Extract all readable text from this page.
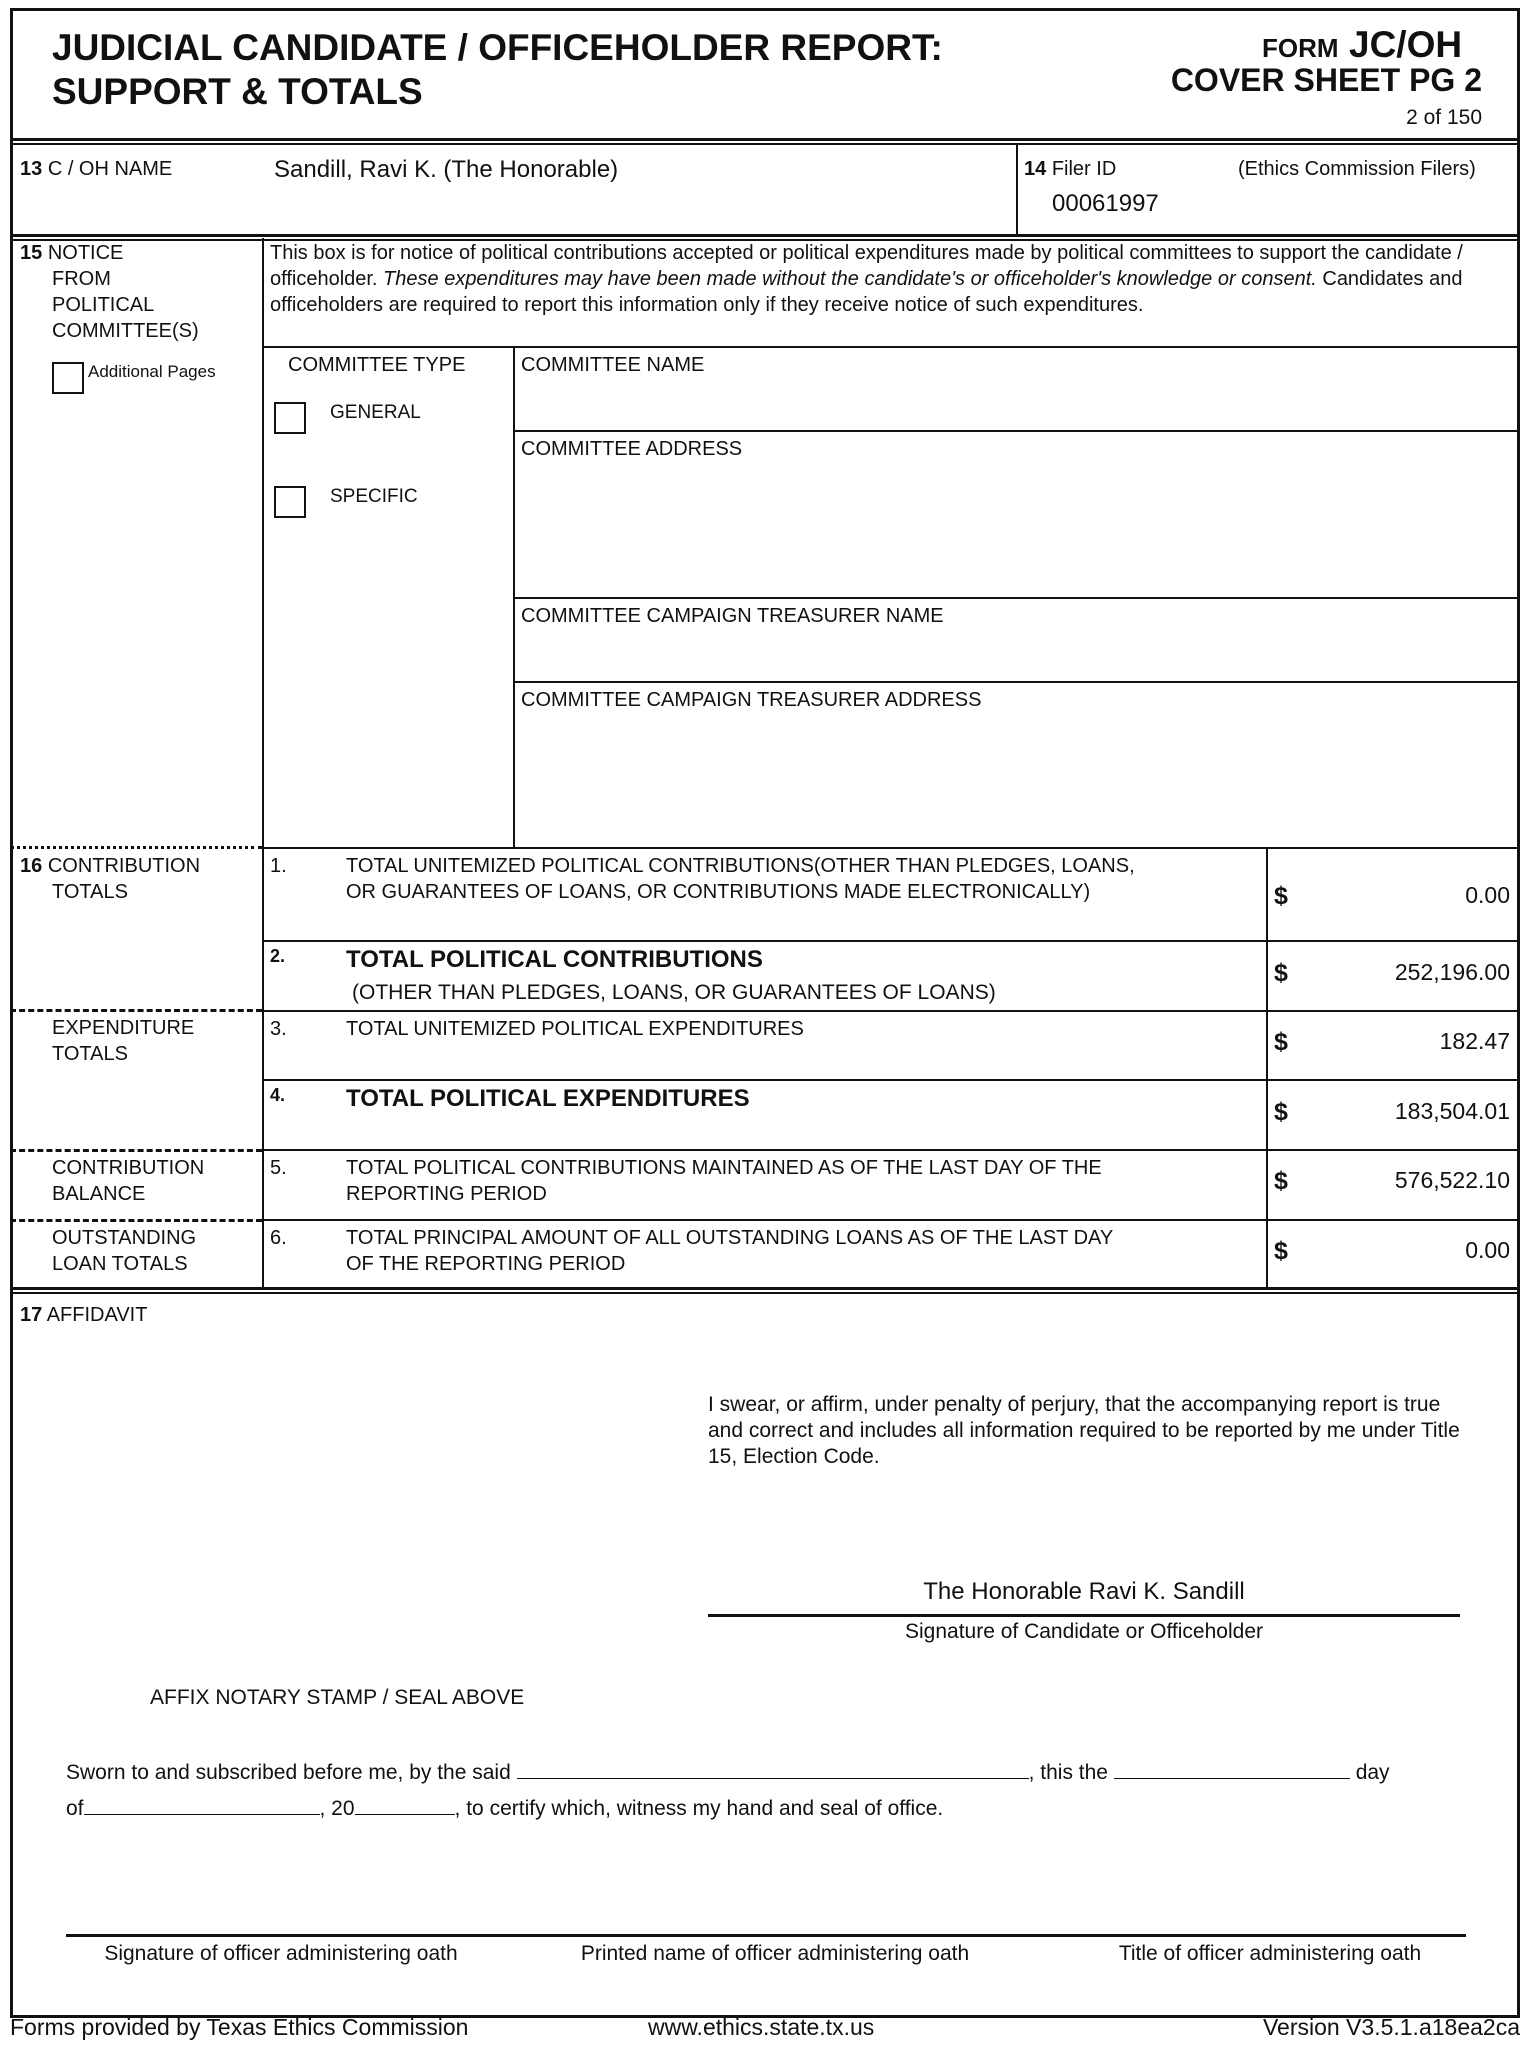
JUDICIAL CANDIDATE / OFFICEHOLDER REPORT:
SUPPORT & TOTALS
FORM JC/OH
COVER SHEET PG 2
2 of 150
13 C / OH NAME	Sandill, Ravi K. (The Honorable)	14 Filer ID	(Ethics Commission Filers)
00061997
15 NOTICE
FROM
POLITICAL
COMMITTEE(S)
Additional Pages
This box is for notice of political contributions accepted or political expenditures made by political committees to support the candidate / officeholder. These expenditures may have been made without the candidate's or officeholder's knowledge or consent. Candidates and officeholders are required to report this information only if they receive notice of such expenditures.
COMMITTEE TYPE
GENERAL
SPECIFIC
COMMITTEE NAME
COMMITTEE ADDRESS
COMMITTEE CAMPAIGN TREASURER NAME
COMMITTEE CAMPAIGN TREASURER ADDRESS
16 CONTRIBUTION
TOTALS
EXPENDITURE
TOTALS
CONTRIBUTION
BALANCE
OUTSTANDING
LOAN TOTALS
1.	TOTAL UNITEMIZED POLITICAL CONTRIBUTIONS(OTHER THAN PLEDGES, LOANS,
OR GUARANTEES OF LOANS, OR CONTRIBUTIONS MADE ELECTRONICALLY)	$	0.00
2.	TOTAL POLITICAL CONTRIBUTIONS
(OTHER THAN PLEDGES, LOANS, OR GUARANTEES OF LOANS)
$	252,196.00
3.	TOTAL UNITEMIZED POLITICAL EXPENDITURES	$	182.47
4.	TOTAL POLITICAL EXPENDITURES	$	183,504.01
5.	TOTAL POLITICAL CONTRIBUTIONS MAINTAINED AS OF THE LAST DAY OF THE
REPORTING PERIOD	$	576,522.10
6.	TOTAL PRINCIPAL AMOUNT OF ALL OUTSTANDING LOANS AS OF THE LAST DAY
OF THE REPORTING PERIOD	$	0.00
17 AFFIDAVIT
I swear, or affirm, under penalty of perjury, that the accompanying report is true and correct and includes all information required to be reported by me under Title 15, Election Code.
The Honorable Ravi K. Sandill
Signature of Candidate or Officeholder
AFFIX NOTARY STAMP / SEAL ABOVE
Sworn to and subscribed before me, by the said	, this the	day
of	, 20	, to certify which, witness my hand and seal of office.
Signature of officer administering oath	Printed name of officer administering oath	Title of officer administering oath
Forms provided by Texas Ethics Commission	www.ethics.state.tx.us	Version V3.5.1.a18ea2ca
